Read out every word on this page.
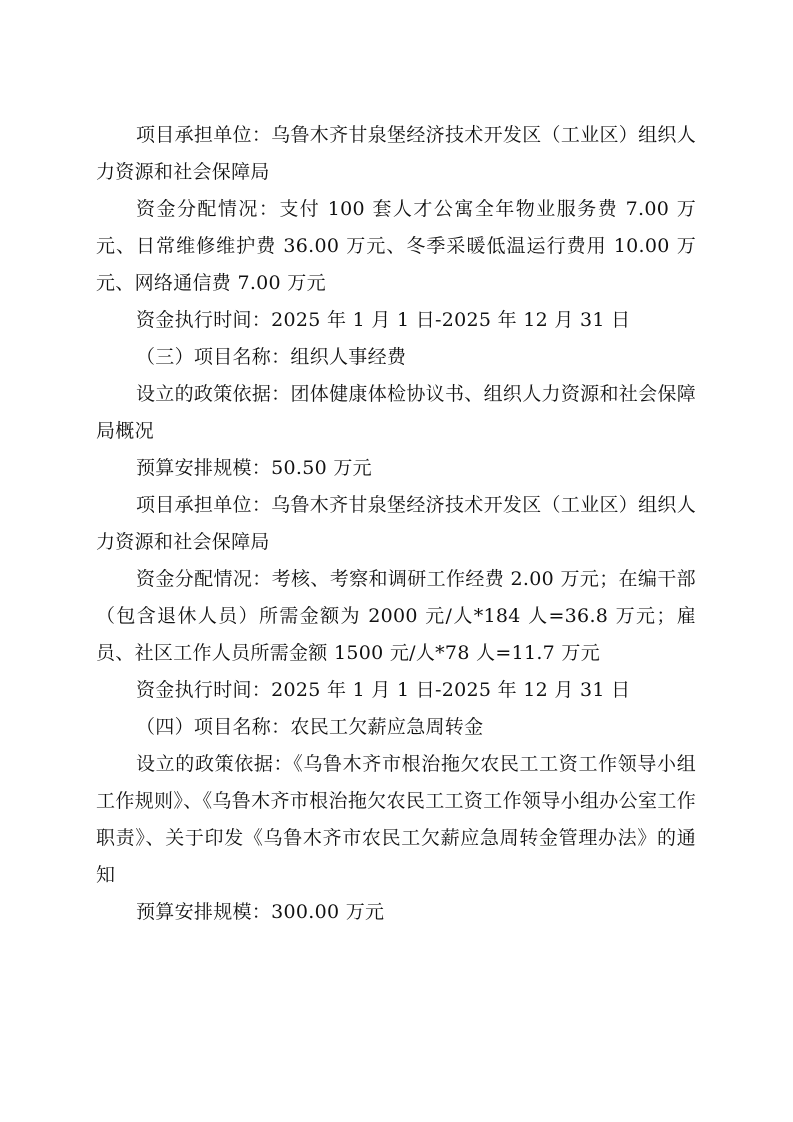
项目承担单位：乌鲁木齐甘泉堡经济技术开发区（工业区）组织人力资源和社会保障局

资金分配情况：支付 100 套人才公寓全年物业服务费 7.00 万元、日常维修维护费 36.00 万元、冬季采暖低温运行费用 10.00 万元、网络通信费 7.00 万元

资金执行时间：2025 年 1 月 1 日-2025 年 12 月 31 日

（三）项目名称：组织人事经费

设立的政策依据：团体健康体检协议书、组织人力资源和社会保障局概况

预算安排规模：50.50 万元

项目承担单位：乌鲁木齐甘泉堡经济技术开发区（工业区）组织人力资源和社会保障局

资金分配情况：考核、考察和调研工作经费 2.00 万元；在编干部（包含退休人员）所需金额为 2000 元/人*184 人=36.8 万元；雇员、社区工作人员所需金额 1500 元/人*78 人=11.7 万元

资金执行时间：2025 年 1 月 1 日-2025 年 12 月 31 日

（四）项目名称：农民工欠薪应急周转金

设立的政策依据：《乌鲁木齐市根治拖欠农民工工资工作领导小组工作规则》、《乌鲁木齐市根治拖欠农民工工资工作领导小组办公室工作职责》、关于印发《乌鲁木齐市农民工欠薪应急周转金管理办法》的通知

预算安排规模：300.00 万元
